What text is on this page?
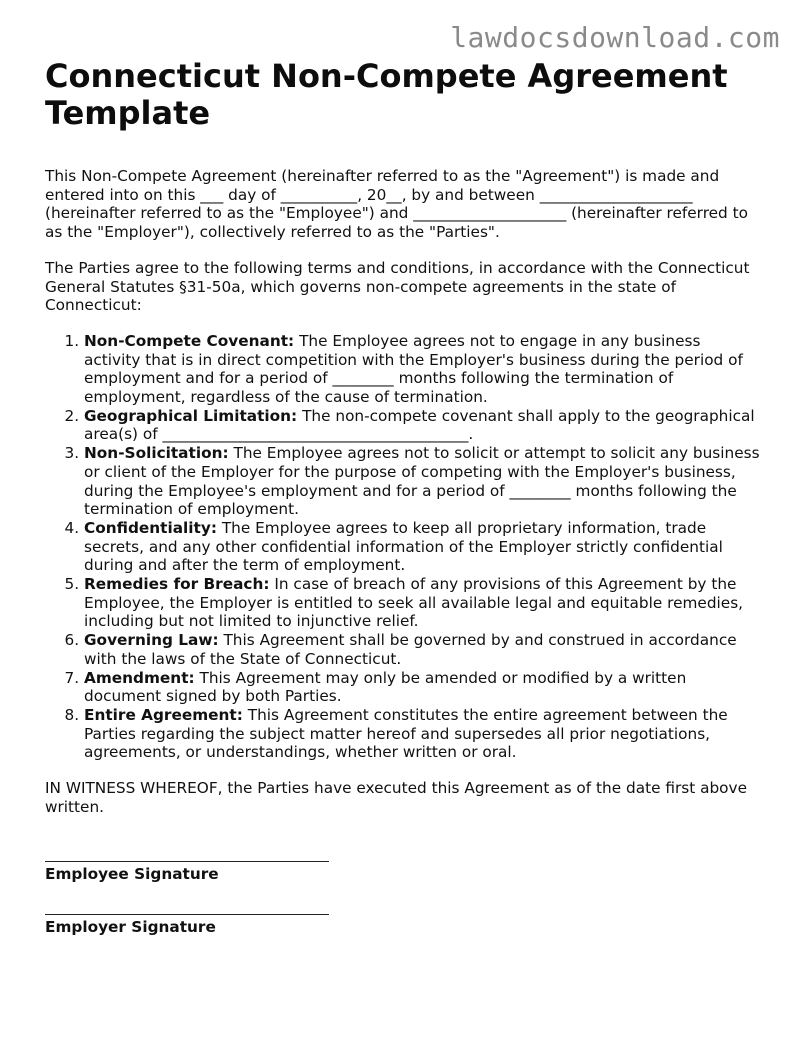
lawdocsdownload.com
Connecticut Non-Compete Agreement Template

This Non-Compete Agreement (hereinafter referred to as the "Agreement") is made and entered into on this ___ day of __________, 20__, by and between ____________________ (hereinafter referred to as the "Employee") and ____________________ (hereinafter referred to as the "Employer"), collectively referred to as the "Parties".

The Parties agree to the following terms and conditions, in accordance with the Connecticut General Statutes §31-50a, which governs non-compete agreements in the state of Connecticut:

1. Non-Compete Covenant: The Employee agrees not to engage in any business activity that is in direct competition with the Employer's business during the period of employment and for a period of ________ months following the termination of employment, regardless of the cause of termination.
2. Geographical Limitation: The non-compete covenant shall apply to the geographical area(s) of ________________________________________.
3. Non-Solicitation: The Employee agrees not to solicit or attempt to solicit any business or client of the Employer for the purpose of competing with the Employer's business, during the Employee's employment and for a period of ________ months following the termination of employment.
4. Confidentiality: The Employee agrees to keep all proprietary information, trade secrets, and any other confidential information of the Employer strictly confidential during and after the term of employment.
5. Remedies for Breach: In case of breach of any provisions of this Agreement by the Employee, the Employer is entitled to seek all available legal and equitable remedies, including but not limited to injunctive relief.
6. Governing Law: This Agreement shall be governed by and construed in accordance with the laws of the State of Connecticut.
7. Amendment: This Agreement may only be amended or modified by a written document signed by both Parties.
8. Entire Agreement: This Agreement constitutes the entire agreement between the Parties regarding the subject matter hereof and supersedes all prior negotiations, agreements, or understandings, whether written or oral.

IN WITNESS WHEREOF, the Parties have executed this Agreement as of the date first above written.

Employee Signature
Employer Signature
